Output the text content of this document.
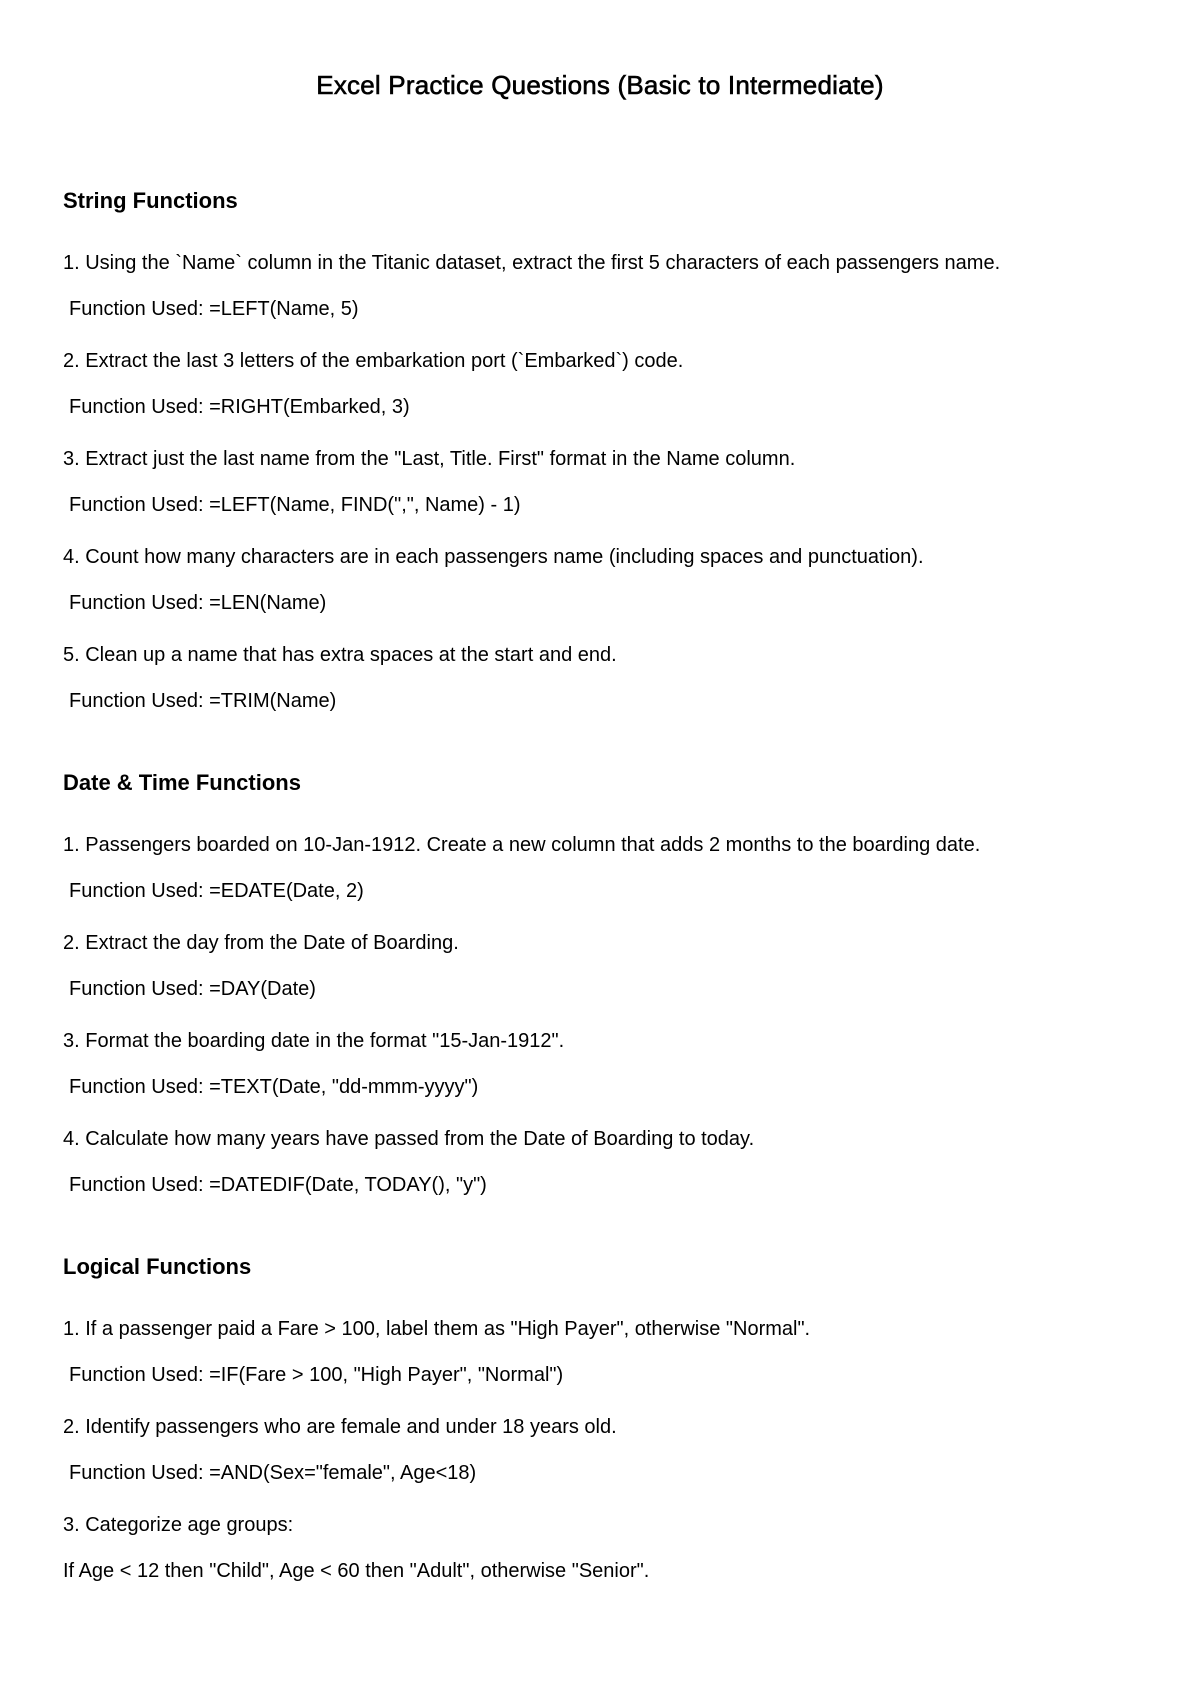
Excel Practice Questions (Basic to Intermediate)
String Functions
1. Using the `Name` column in the Titanic dataset, extract the first 5 characters of each passengers name.
Function Used: =LEFT(Name, 5)
2. Extract the last 3 letters of the embarkation port (`Embarked`) code.
Function Used: =RIGHT(Embarked, 3)
3. Extract just the last name from the "Last, Title. First" format in the Name column.
Function Used: =LEFT(Name, FIND(",", Name) - 1)
4. Count how many characters are in each passengers name (including spaces and punctuation).
Function Used: =LEN(Name)
5. Clean up a name that has extra spaces at the start and end.
Function Used: =TRIM(Name)
Date & Time Functions
1. Passengers boarded on 10-Jan-1912. Create a new column that adds 2 months to the boarding date.
Function Used: =EDATE(Date, 2)
2. Extract the day from the Date of Boarding.
Function Used: =DAY(Date)
3. Format the boarding date in the format "15-Jan-1912".
Function Used: =TEXT(Date, "dd-mmm-yyyy")
4. Calculate how many years have passed from the Date of Boarding to today.
Function Used: =DATEDIF(Date, TODAY(), "y")
Logical Functions
1. If a passenger paid a Fare > 100, label them as "High Payer", otherwise "Normal".
Function Used: =IF(Fare > 100, "High Payer", "Normal")
2. Identify passengers who are female and under 18 years old.
Function Used: =AND(Sex="female", Age<18)
3. Categorize age groups:
If Age < 12 then "Child", Age < 60 then "Adult", otherwise "Senior".
